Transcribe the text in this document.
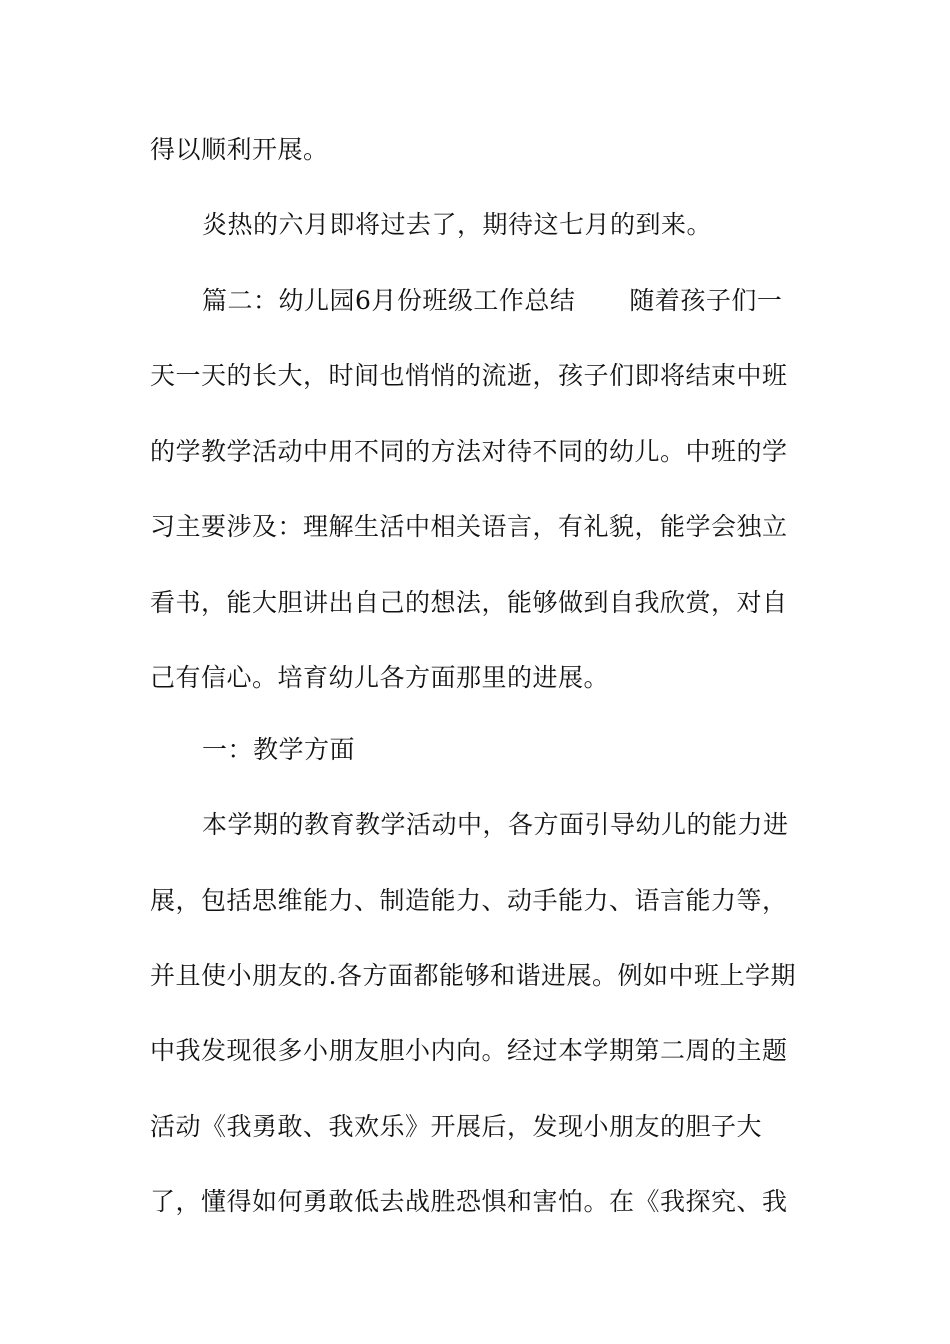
得以顺利开展。
炎热的六月即将过去了，期待这七月的到来。
篇二：幼儿园6月份班级工作总结 随着孩子们一
天一天的长大，时间也悄悄的流逝，孩子们即将结束中班
的学教学活动中用不同的方法对待不同的幼儿。中班的学
习主要涉及：理解生活中相关语言，有礼貌，能学会独立
看书，能大胆讲出自己的想法，能够做到自我欣赏，对自
己有信心。培育幼儿各方面那里的进展。
一：教学方面
本学期的教育教学活动中，各方面引导幼儿的能力进
展，包括思维能力、制造能力、动手能力、语言能力等，
并且使小朋友的.各方面都能够和谐进展。例如中班上学期
中我发现很多小朋友胆小内向。经过本学期第二周的主题
活动《我勇敢、我欢乐》开展后，发现小朋友的胆子大
了，懂得如何勇敢低去战胜恐惧和害怕。在《我探究、我
